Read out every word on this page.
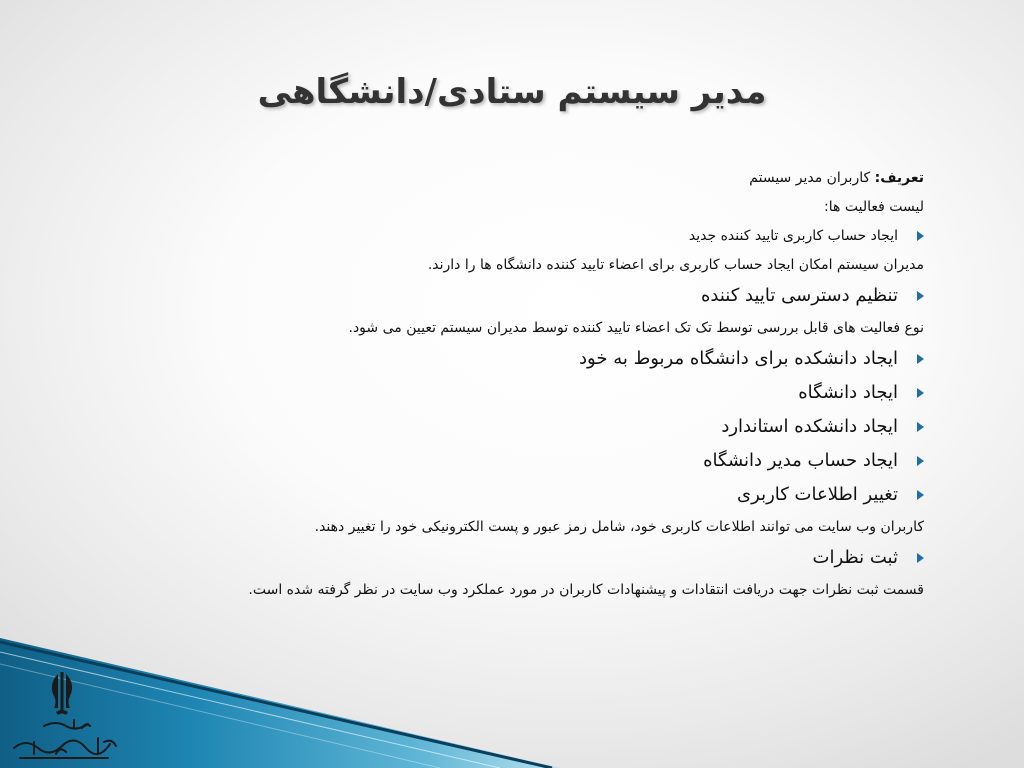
مدیر سیستم ستادی/دانشگاهی
تعریف: کاربران مدیر سیستم
لیست فعالیت ها:
ایجاد حساب کاربری تایید کننده جدید
مدیران سیستم امکان ایجاد حساب کاربری برای اعضاء تایید کننده دانشگاه ها را دارند.
تنظیم دسترسی تایید کننده
نوع فعالیت های قابل بررسی توسط تک تک اعضاء تایید کننده توسط مدیران سیستم تعیین می شود.
ایجاد دانشکده برای دانشگاه مربوط به خود
ایجاد دانشگاه
ایجاد دانشکده استاندارد
ایجاد حساب مدیر دانشگاه
تغییر اطلاعات کاربری
کاربران وب سایت می توانند اطلاعات کاربری خود، شامل رمز عبور و پست الکترونیکی خود را تغییر دهند.
ثبت نظرات
قسمت ثبت نظرات جهت دریافت انتقادات و پیشنهادات کاربران در مورد عملکرد وب سایت در نظر گرفته شده است.
